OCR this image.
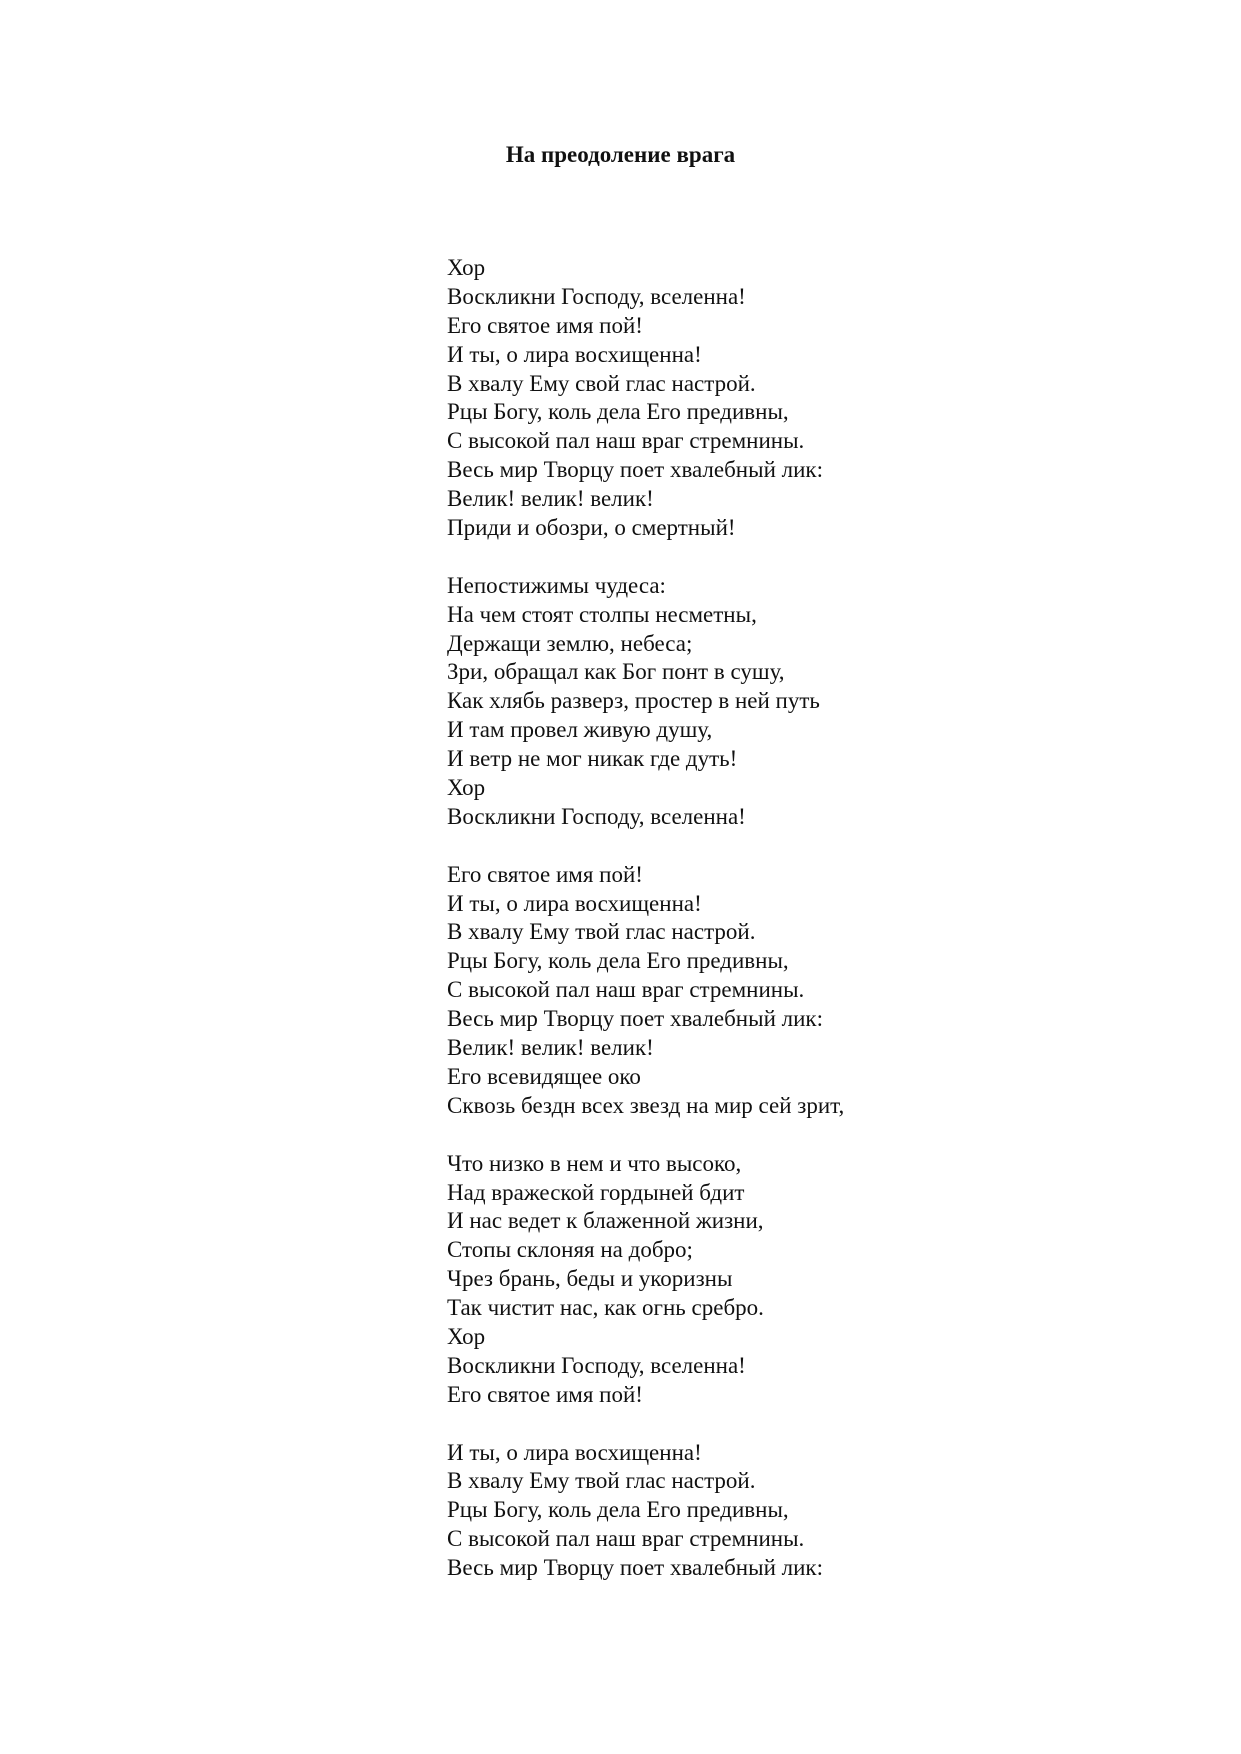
На преодоление врага
Хор
Воскликни Господу, вселенна!
Его святое имя пой!
И ты, о лира восхищенна!
В хвалу Ему свой глас настрой.
Рцы Богу, коль дела Его предивны,
С высокой пал наш враг стремнины.
Весь мир Творцу поет хвалебный лик:
Велик! велик! велик!
Приди и обозри, о смертный!
Непостижимы чудеса:
На чем стоят столпы несметны,
Держащи землю, небеса;
Зри, обращал как Бог понт в сушу,
Как хлябь разверз, простер в ней путь
И там провел живую душу,
И ветр не мог никак где дуть!
Хор
Воскликни Господу, вселенна!
Его святое имя пой!
И ты, о лира восхищенна!
В хвалу Ему твой глас настрой.
Рцы Богу, коль дела Его предивны,
С высокой пал наш враг стремнины.
Весь мир Творцу поет хвалебный лик:
Велик! велик! велик!
Его всевидящее око
Сквозь бездн всех звезд на мир сей зрит,
Что низко в нем и что высоко,
Над вражеской гордыней бдит
И нас ведет к блаженной жизни,
Стопы склоняя на добро;
Чрез брань, беды и укоризны
Так чистит нас, как огнь сребро.
Хор
Воскликни Господу, вселенна!
Его святое имя пой!
И ты, о лира восхищенна!
В хвалу Ему твой глас настрой.
Рцы Богу, коль дела Его предивны,
С высокой пал наш враг стремнины.
Весь мир Творцу поет хвалебный лик:
